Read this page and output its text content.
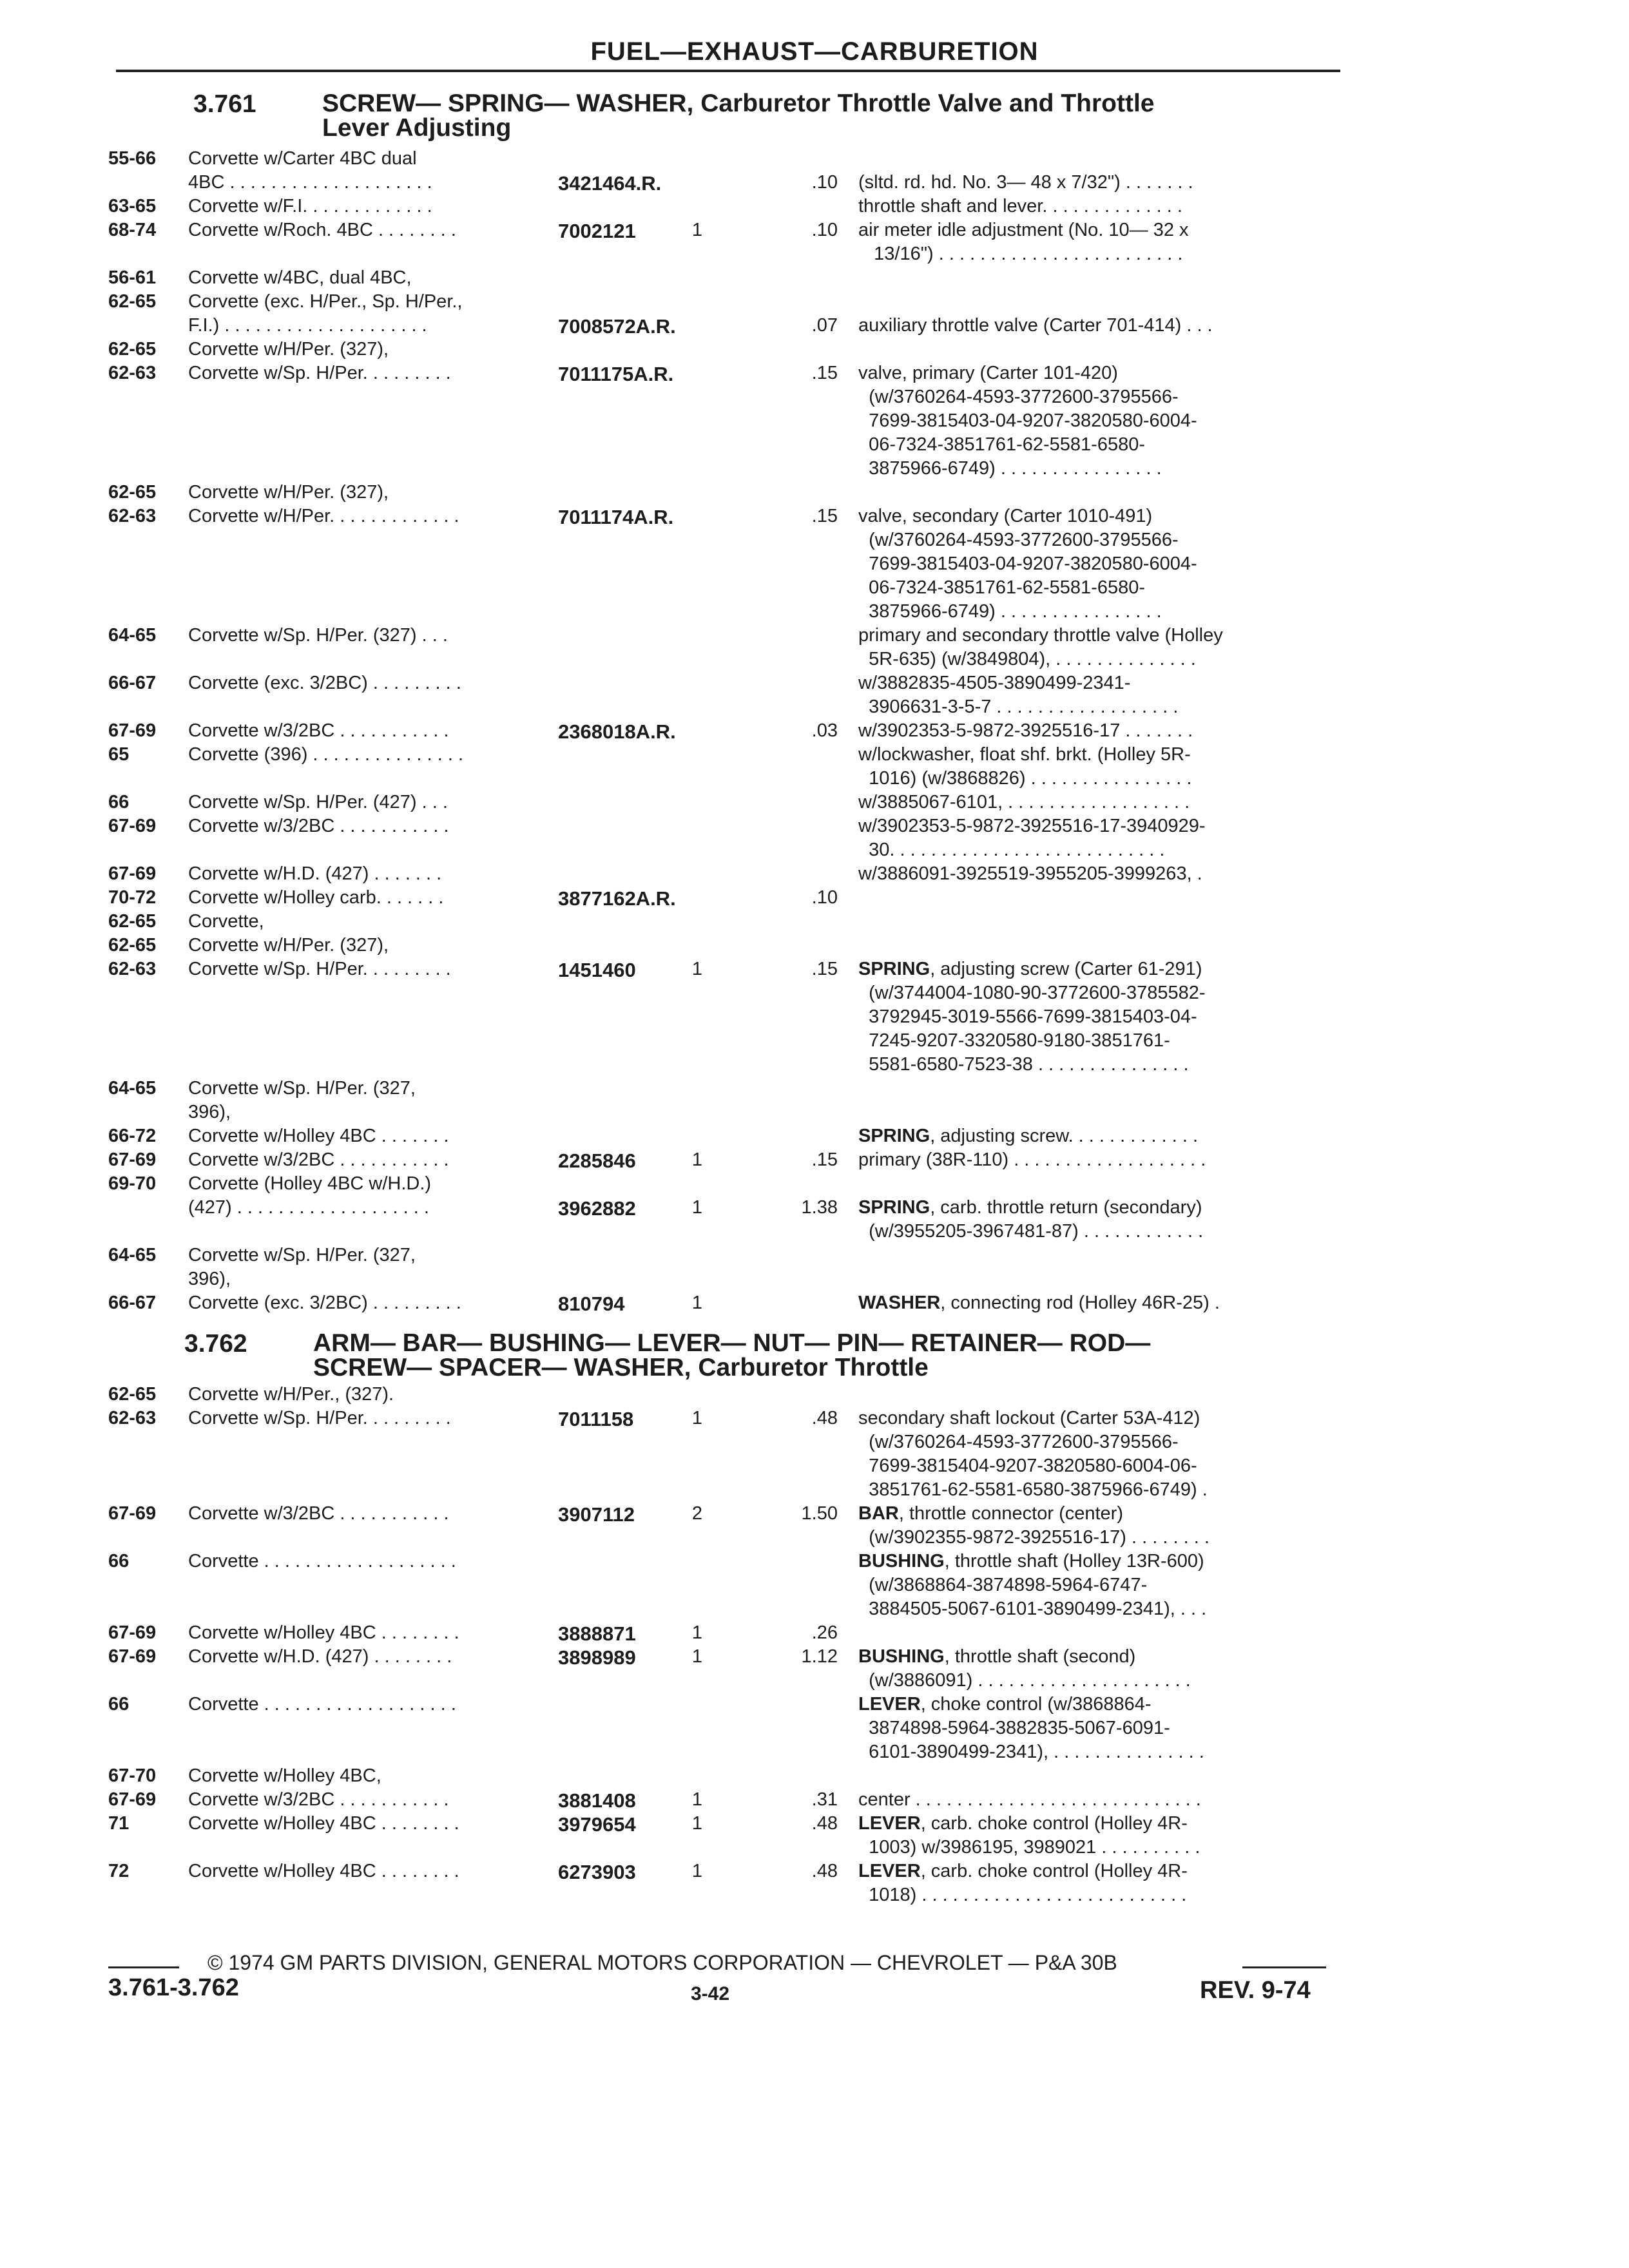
FUEL—EXHAUST—CARBURETION
3.761	SCREW— SPRING— WASHER, Carburetor Throttle Valve and Throttle
Lever Adjusting
55-66	Corvette w/Carter 4BC dual
4BC . . . . . . . . . . . . . . . . . . . .	3421464.R.	.10 (sltd. rd. hd. No. 3— 48 x 7/32") . . . . . . .
63-65	Corvette w/F.I. . . . . . . . . . . . .	throttle shaft and lever. . . . . . . . . . . . . .
68-74	Corvette w/Roch. 4BC . . . . . . . .	7002121	1	.10 air meter idle adjustment (No. 10— 32 x
13/16") . . . . . . . . . . . . . . . . . . . . . . . .
56-61	Corvette w/4BC, dual 4BC,
62-65	Corvette (exc. H/Per., Sp. H/Per.,
F.I.) . . . . . . . . . . . . . . . . . . . .	7008572A.R.	.07 auxiliary throttle valve (Carter 701-414) . . .
62-65	Corvette w/H/Per. (327),
62-63	Corvette w/Sp. H/Per. . . . . . . . .	7011175A.R.	.15 valve, primary (Carter 101-420)
(w/3760264-4593-3772600-3795566-
7699-3815403-04-9207-3820580-6004-
06-7324-3851761-62-5581-6580-
3875966-6749) . . . . . . . . . . . . . . . .
62-65	Corvette w/H/Per. (327),
62-63	Corvette w/H/Per. . . . . . . . . . . . .	7011174A.R.	.15 valve, secondary (Carter 1010-491)
(w/3760264-4593-3772600-3795566-
7699-3815403-04-9207-3820580-6004-
06-7324-3851761-62-5581-6580-
3875966-6749) . . . . . . . . . . . . . . . .
64-65	Corvette w/Sp. H/Per. (327) . . .	primary and secondary throttle valve (Holley
5R-635) (w/3849804), . . . . . . . . . . . . . .
66-67	Corvette (exc. 3/2BC) . . . . . . . . .	w/3882835-4505-3890499-2341-
3906631-3-5-7 . . . . . . . . . . . . . . . . . .
67-69	Corvette w/3/2BC . . . . . . . . . . .	2368018A.R.	.03 w/3902353-5-9872-3925516-17 . . . . . . .
65	Corvette (396) . . . . . . . . . . . . . . .	w/lockwasher, float shf. brkt. (Holley 5R-
1016) (w/3868826) . . . . . . . . . . . . . . . .
66	Corvette w/Sp. H/Per. (427) . . .	w/3885067-6101, . . . . . . . . . . . . . . . . . .
67-69	Corvette w/3/2BC . . . . . . . . . . .	w/3902353-5-9872-3925516-17-3940929-
30. . . . . . . . . . . . . . . . . . . . . . . . . . .
67-69	Corvette w/H.D. (427) . . . . . . .	w/3886091-3925519-3955205-3999263, .
70-72	Corvette w/Holley carb. . . . . . .	3877162A.R.	.10
62-65	Corvette,
62-65	Corvette w/H/Per. (327),
62-63	Corvette w/Sp. H/Per. . . . . . . . .	1451460	1	.15 SPRING, adjusting screw (Carter 61-291)
(w/3744004-1080-90-3772600-3785582-
3792945-3019-5566-7699-3815403-04-
7245-9207-3320580-9180-3851761-
5581-6580-7523-38 . . . . . . . . . . . . . . .
64-65	Corvette w/Sp. H/Per. (327,
396),
66-72	Corvette w/Holley 4BC . . . . . . .	SPRING, adjusting screw. . . . . . . . . . . . .
67-69	Corvette w/3/2BC . . . . . . . . . . .	2285846	1	.15 primary (38R-110) . . . . . . . . . . . . . . . . . . .
69-70	Corvette (Holley 4BC w/H.D.)
(427) . . . . . . . . . . . . . . . . . . .	3962882	1	1.38 SPRING, carb. throttle return (secondary)
(w/3955205-3967481-87) . . . . . . . . . . . .
64-65	Corvette w/Sp. H/Per. (327,
396),
66-67	Corvette (exc. 3/2BC) . . . . . . . . .	810794	1	WASHER, connecting rod (Holley 46R-25) .
3.762	ARM— BAR— BUSHING— LEVER— NUT— PIN— RETAINER— ROD—
SCREW— SPACER— WASHER, Carburetor Throttle
62-65	Corvette w/H/Per., (327).
62-63	Corvette w/Sp. H/Per. . . . . . . . .	7011158	1	.48 secondary shaft lockout (Carter 53A-412)
(w/3760264-4593-3772600-3795566-
7699-3815404-9207-3820580-6004-06-
3851761-62-5581-6580-3875966-6749) .
67-69	Corvette w/3/2BC . . . . . . . . . . .	3907112	2	1.50 BAR, throttle connector (center)
(w/3902355-9872-3925516-17) . . . . . . . .
66	Corvette . . . . . . . . . . . . . . . . . . .	BUSHING, throttle shaft (Holley 13R-600)
(w/3868864-3874898-5964-6747-
3884505-5067-6101-3890499-2341), . . .
67-69	Corvette w/Holley 4BC . . . . . . . .	3888871	1	.26
67-69	Corvette w/H.D. (427) . . . . . . . .	3898989	1	1.12 BUSHING, throttle shaft (second)
(w/3886091) . . . . . . . . . . . . . . . . . . . . .
66	Corvette . . . . . . . . . . . . . . . . . . .	LEVER, choke control (w/3868864-
3874898-5964-3882835-5067-6091-
6101-3890499-2341), . . . . . . . . . . . . . . .
67-70	Corvette w/Holley 4BC,
67-69	Corvette w/3/2BC . . . . . . . . . . .	3881408	1	.31 center . . . . . . . . . . . . . . . . . . . . . . . . . . . .
71	Corvette w/Holley 4BC . . . . . . . .	3979654	1	.48 LEVER, carb. choke control (Holley 4R-
1003) w/3986195, 3989021 . . . . . . . . . .
72	Corvette w/Holley 4BC . . . . . . . .	6273903	1	.48 LEVER, carb. choke control (Holley 4R-
1018) . . . . . . . . . . . . . . . . . . . . . . . . . .
© 1974 GM PARTS DIVISION, GENERAL MOTORS CORPORATION — CHEVROLET — P&A 30B
3.761-3.762	3-42	REV. 9-74
